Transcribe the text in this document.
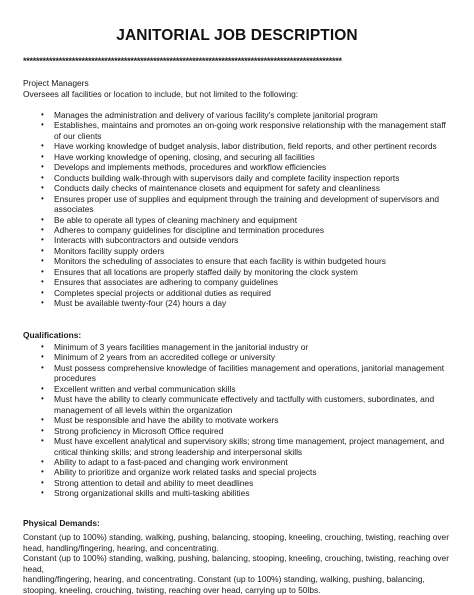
JANITORIAL JOB DESCRIPTION
**************************************************************************************************
Project Managers
Oversees all facilities or location to include, but not limited to the following:
• Manages the administration and delivery of various facility's complete janitorial program
• Establishes, maintains and promotes an on-going work responsive relationship with the management staff of our clients
• Have working knowledge of budget analysis, labor distribution, field reports, and other pertinent records
• Have working knowledge of opening, closing, and securing all facilities
• Develops and implements methods, procedures and workflow efficiencies
• Conducts building walk-through with supervisors daily and complete facility inspection reports
• Conducts daily checks of maintenance closets and equipment for safety and cleanliness
• Ensures proper use of supplies and equipment through the training and development of supervisors and associates
• Be able to operate all types of cleaning machinery and equipment
• Adheres to company guidelines for discipline and termination procedures
• Interacts with subcontractors and outside vendors
• Monitors facility supply orders
• Monitors the scheduling of associates to ensure that each facility is within budgeted hours
• Ensures that all locations are properly staffed daily by monitoring the clock system
• Ensures that associates are adhering to company guidelines
• Completes special projects or additional duties as required
• Must be available twenty-four (24) hours a day
Qualifications:
• Minimum of 3 years facilities management in the janitorial industry or
• Minimum of 2 years from an accredited college or university
• Must possess comprehensive knowledge of facilities management and operations, janitorial management procedures
• Excellent written and verbal communication skills
• Must have the ability to clearly communicate effectively and tactfully with customers, subordinates, and management of all levels within the organization
• Must be responsible and have the ability to motivate workers
• Strong proficiency in Microsoft Office required
• Must have excellent analytical and supervisory skills; strong time management, project management, and critical thinking skills; and strong leadership and interpersonal skills
• Ability to adapt to a fast-paced and changing work environment
• Ability to prioritize and organize work related tasks and special projects
• Strong attention to detail and ability to meet deadlines
• Strong organizational skills and multi-tasking abilities
Physical Demands:
Constant (up to 100%) standing, walking, pushing, balancing, stooping, kneeling, crouching, twisting, reaching over head, handling/fingering, hearing, and concentrating.
Constant (up to 100%) standing, walking, pushing, balancing, stooping, kneeling, crouching, twisting, reaching over head,
handling/fingering, hearing, and concentrating. Constant (up to 100%) standing, walking, pushing, balancing, stooping, kneeling, crouching, twisting, reaching over head, carrying up to 50lbs.
